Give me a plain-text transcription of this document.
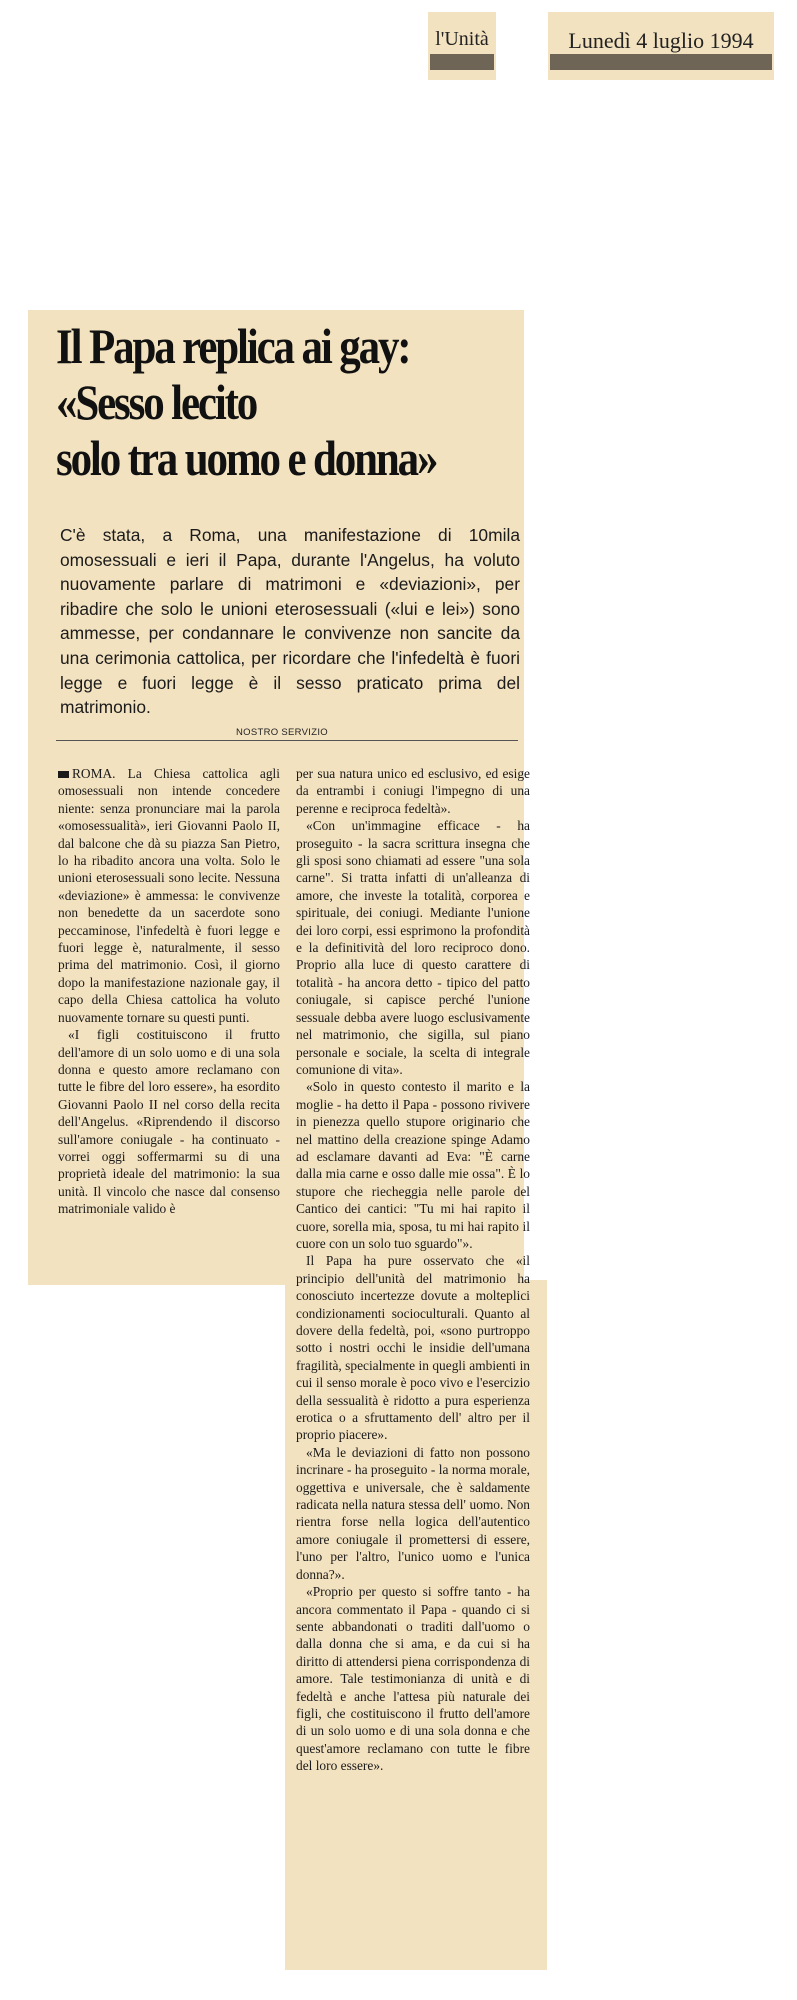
l'Unità	Lunedì 4 luglio 1994
Il Papa replica ai gay:
«Sesso lecito
solo tra uomo e donna»

C'è stata, a Roma, una manifestazione di 10mila omosessuali e ieri il Papa, durante l'Angelus, ha voluto nuovamente parlare di matrimoni e «deviazioni», per ribadire che solo le unioni eterosessuali («lui e lei») sono ammesse, per condannare le convivenze non sancite da una cerimonia cattolica, per ricordare che l'infedeltà è fuori legge e fuori legge è il sesso praticato prima del matrimonio.

NOSTRO SERVIZIO

ROMA. La Chiesa cattolica agli omosessuali non intende concedere niente: senza pronunciare mai la parola «omosessualità», ieri Giovanni Paolo II, dal balcone che dà su piazza San Pietro, lo ha ribadito ancora una volta. Solo le unioni eterosessuali sono lecite. Nessuna «deviazione» è ammessa: le convivenze non benedette da un sacerdote sono peccaminose, l'infedeltà è fuori legge e fuori legge è, naturalmente, il sesso prima del matrimonio. Così, il giorno dopo la manifestazione nazionale gay, il capo della Chiesa cattolica ha voluto nuovamente tornare su questi punti.

«I figli costituiscono il frutto dell'amore di un solo uomo e di una sola donna e questo amore reclamano con tutte le fibre del loro essere», ha esordito Giovanni Paolo II nel corso della recita dell'Angelus. «Riprendendo il discorso sull'amore coniugale - ha continuato -vorrei oggi soffermarmi su di una proprietà ideale del matrimonio: la sua unità. Il vincolo che nasce dal consenso matrimoniale valido è

per sua natura unico ed esclusivo, ed esige da entrambi i coniugi l'impegno di una perenne e reciproca fedeltà».

«Con un'immagine efficace - ha proseguito - la sacra scrittura insegna che gli sposi sono chiamati ad essere "una sola carne". Si tratta infatti di un'alleanza di amore, che investe la totalità, corporea e spirituale, dei coniugi. Mediante l'unione dei loro corpi, essi esprimono la profondità e la definitività del loro reciproco dono. Proprio alla luce di questo carattere di totalità - ha ancora detto - tipico del patto coniugale, si capisce perché l'unione sessuale debba avere luogo esclusivamente nel matrimonio, che sigilla, sul piano personale e sociale, la scelta di integrale comunione di vita».

«Solo in questo contesto il marito e la moglie - ha detto il Papa - possono rivivere in pienezza quello stupore originario che nel mattino della creazione spinge Adamo ad esclamare davanti ad Eva: "È carne dalla mia carne e osso dalle mie ossa". È lo stupore che riecheggia nelle parole del Cantico dei cantici: "Tu mi hai rapito il cuore, sorella mia, sposa, tu mi hai rapito il cuore con un solo tuo sguardo"».

Il Papa ha pure osservato che «il principio dell'unità del matrimonio ha conosciuto incertezze dovute a molteplici condizionamenti socioculturali. Quanto al dovere della fedeltà, poi, «sono purtroppo sotto i nostri occhi le insidie dell'umana fragilità, specialmente in quegli ambienti in cui il senso morale è poco vivo e l'esercizio della sessualità è ridotto a pura esperienza erotica o a sfruttamento dell' altro per il proprio piacere».

«Ma le deviazioni di fatto non possono incrinare - ha proseguito - la norma morale, oggettiva e universale, che è saldamente radicata nella natura stessa dell' uomo. Non rientra forse nella logica dell'autentico amore coniugale il promettersi di essere, l'uno per l'altro, l'unico uomo e l'unica donna?».

«Proprio per questo si soffre tanto - ha ancora commentato il Papa - quando ci si sente abbandonati o traditi dall'uomo o dalla donna che si ama, e da cui si ha diritto di attendersi piena corrispondenza di amore. Tale testimonianza di unità e di fedeltà e anche l'attesa più naturale dei figli, che costituiscono il frutto dell'amore di un solo uomo e di una sola donna e che quest'amore reclamano con tutte le fibre del loro essere».
